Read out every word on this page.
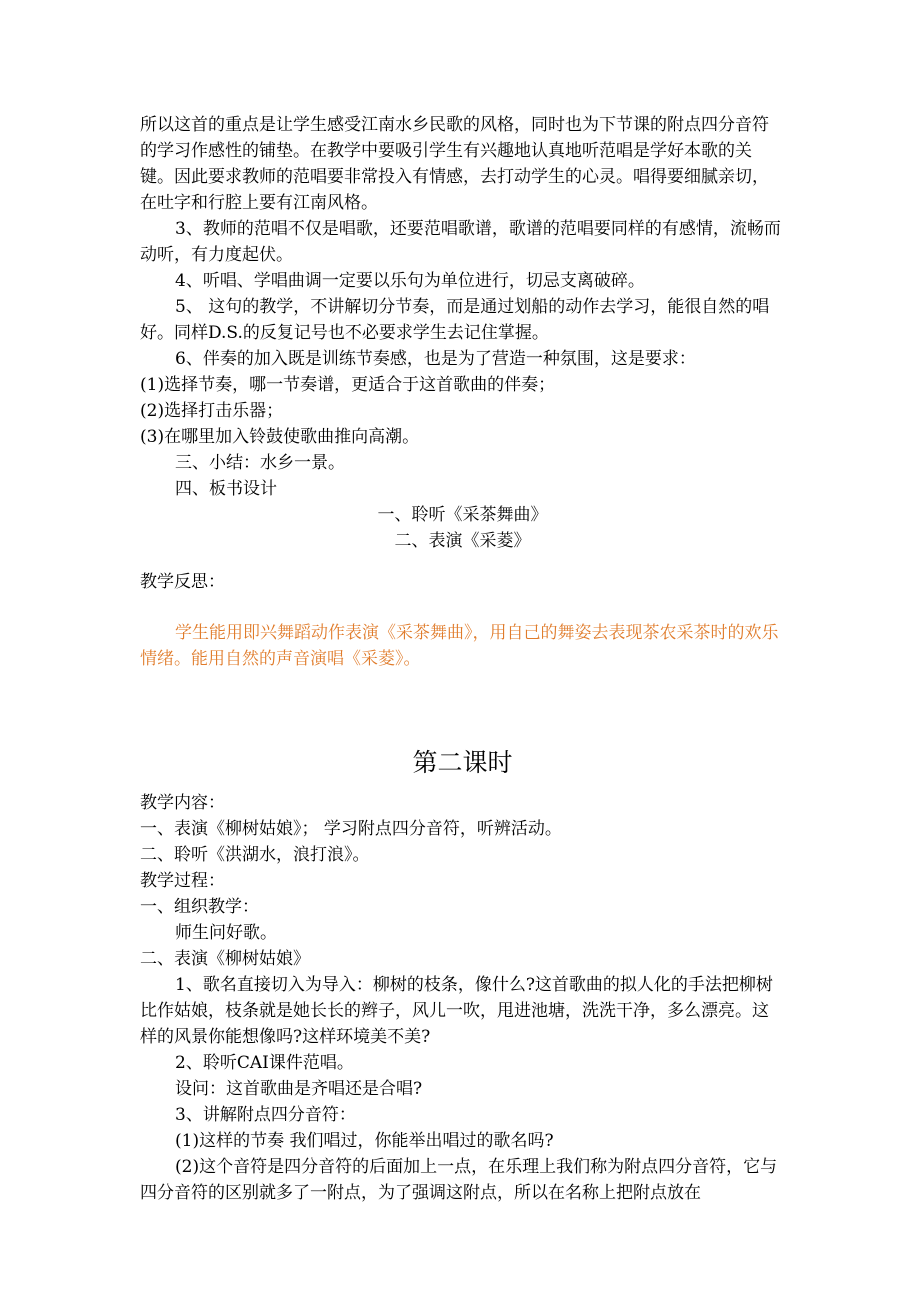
所以这首的重点是让学生感受江南水乡民歌的风格，同时也为下节课的附点四分音符的学习作感性的铺垫。在教学中要吸引学生有兴趣地认真地听范唱是学好本歌的关键。因此要求教师的范唱要非常投入有情感，去打动学生的心灵。唱得要细腻亲切，在吐字和行腔上要有江南风格。

3、教师的范唱不仅是唱歌，还要范唱歌谱，歌谱的范唱要同样的有感情，流畅而动听，有力度起伏。

4、听唱、学唱曲调一定要以乐句为单位进行，切忌支离破碎。

5、 这句的教学，不讲解切分节奏，而是通过划船的动作去学习，能很自然的唱好。同样D.S.的反复记号也不必要求学生去记住掌握。

6、伴奏的加入既是训练节奏感，也是为了营造一种氛围，这是要求：

(1)选择节奏，哪一节奏谱，更适合于这首歌曲的伴奏；

(2)选择打击乐器；

(3)在哪里加入铃鼓使歌曲推向高潮。

三、小结：水乡一景。

四、板书设计

一、聆听《采茶舞曲》

二、表演《采菱》

教学反思：

学生能用即兴舞蹈动作表演《采茶舞曲》，用自己的舞姿去表现茶农采茶时的欢乐情绪。能用自然的声音演唱《采菱》。

第二课时

教学内容：

一、表演《柳树姑娘》； 学习附点四分音符，听辨活动。

二、聆听《洪湖水，浪打浪》。

教学过程：

一、组织教学：

师生问好歌。

二、表演《柳树姑娘》

1、歌名直接切入为导入：柳树的枝条，像什么?这首歌曲的拟人化的手法把柳树比作姑娘，枝条就是她长长的辫子，风儿一吹，甩进池塘，洗洗干净，多么漂亮。这样的风景你能想像吗?这样环境美不美?

2、聆听CAI课件范唱。

设问：这首歌曲是齐唱还是合唱?

3、讲解附点四分音符：

(1)这样的节奏 我们唱过，你能举出唱过的歌名吗?

(2)这个音符是四分音符的后面加上一点，在乐理上我们称为附点四分音符，它与四分音符的区别就多了一附点，为了强调这附点，所以在名称上把附点放在
